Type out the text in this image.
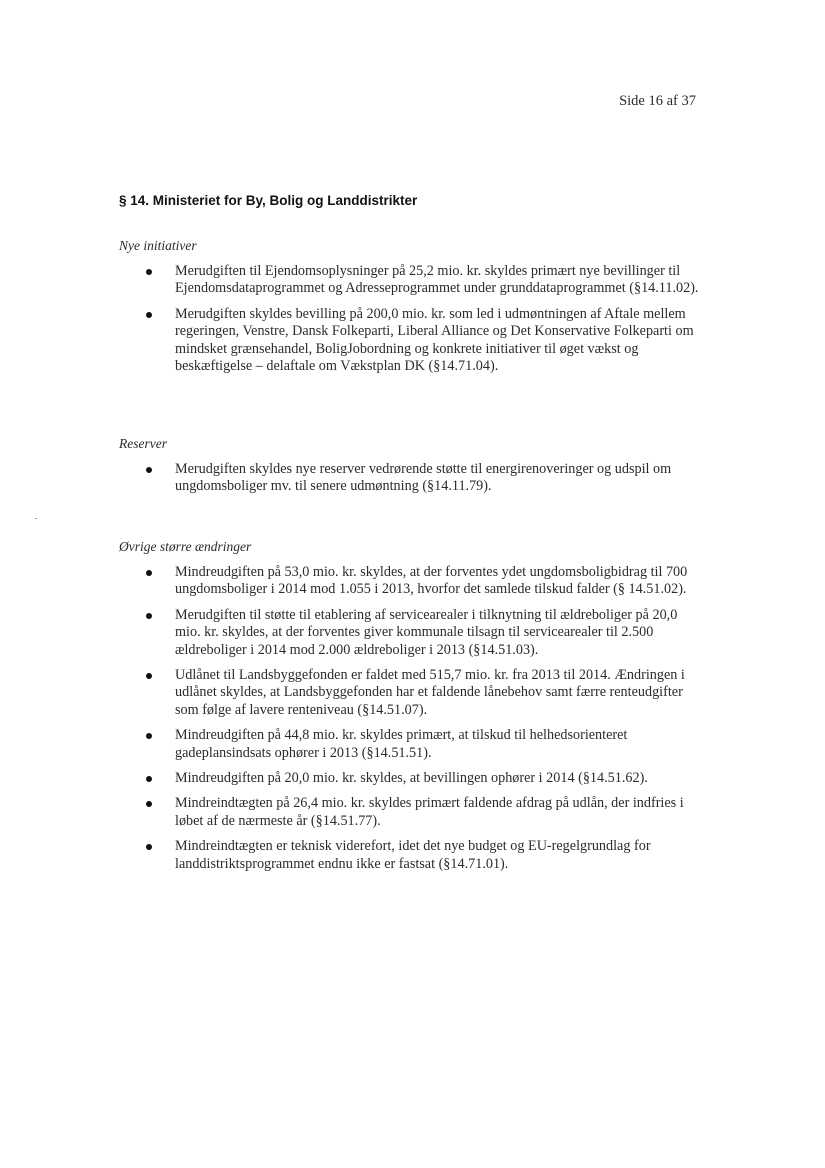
Side 16 af 37
§ 14. Ministeriet for By, Bolig og Landdistrikter
Nye initiativer
Merudgiften til Ejendomsoplysninger på 25,2 mio. kr. skyldes primært nye bevillinger til Ejendomsdataprogrammet og Adresseprogrammet under grunddataprogrammet (§14.11.02).
Merudgiften skyldes bevilling på 200,0 mio. kr. som led i udmøntningen af Aftale mellem regeringen, Venstre, Dansk Folkeparti, Liberal Alliance og Det Konservative Folkeparti om mindsket grænsehandel, BoligJobordning og konkrete initiativer til øget vækst og beskæftigelse – delaftale om Vækstplan DK (§14.71.04).
Reserver
Merudgiften skyldes nye reserver vedrørende støtte til energirenoveringer og udspil om ungdomsboliger mv. til senere udmøntning (§14.11.79).
Øvrige større ændringer
Mindreudgiften på 53,0 mio. kr. skyldes, at der forventes ydet ungdomsboligbidrag til 700 ungdomsboliger i 2014 mod 1.055 i 2013, hvorfor det samlede tilskud falder (§ 14.51.02).
Merudgiften til støtte til etablering af servicearealer i tilknytning til ældreboliger på 20,0 mio. kr. skyldes, at der forventes giver kommunale tilsagn til servicearealer til 2.500 ældreboliger i 2014 mod 2.000 ældreboliger i 2013 (§14.51.03).
Udlånet til Landsbyggefonden er faldet med 515,7 mio. kr. fra 2013 til 2014. Ændringen i udlånet skyldes, at Landsbyggefonden har et faldende lånebehov samt færre renteudgifter som følge af lavere renteniveau (§14.51.07).
Mindreudgiften på 44,8 mio. kr. skyldes primært, at tilskud til helhedsorienteret gadeplansindsats ophører i 2013 (§14.51.51).
Mindreudgiften på 20,0 mio. kr. skyldes, at bevillingen ophører i 2014 (§14.51.62).
Mindreindtægten på 26,4 mio. kr. skyldes primært faldende afdrag på udlån, der indfries i løbet af de nærmeste år (§14.51.77).
Mindreindtægten er teknisk viderefort, idet det nye budget og EU-regelgrundlag for landdistriktsprogrammet endnu ikke er fastsat (§14.71.01).
